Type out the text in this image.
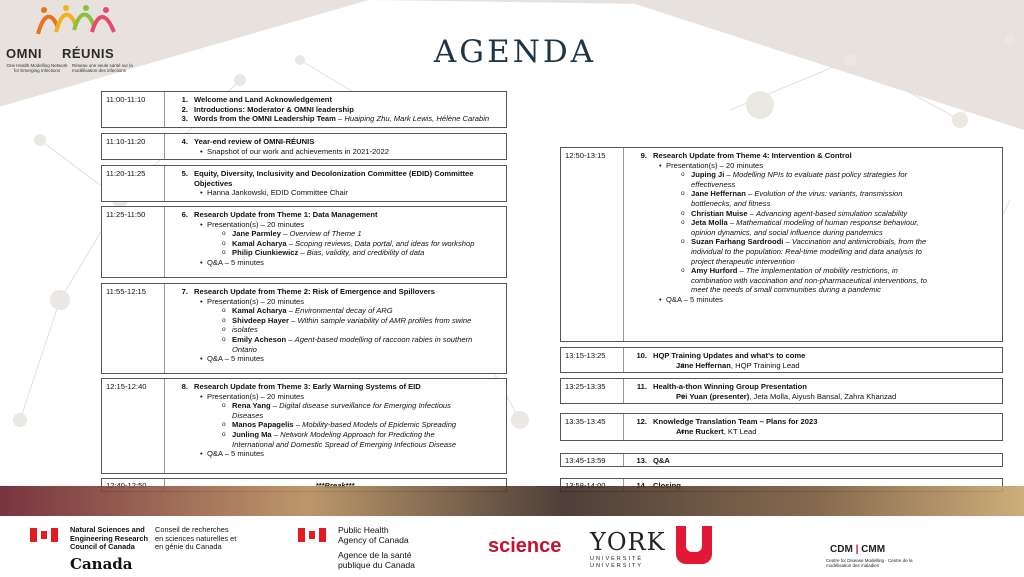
OMNI RÉUNIS
One Health Modelling Network for Emerging Infections
Réseau une seule santé sur la modélisation des infections
AGENDA
11:00-11:10	1. Welcome and Land Acknowledgement
2. Introductions: Moderator & OMNI leadership
3. Words from the OMNI Leadership Team – Huaiping Zhu, Mark Lewis, Hélène Carabin
11:10-11:20	4. Year-end review of OMNI-RÉUNIS
• Snapshot of our work and achievements in 2021-2022
11:20-11:25	5. Equity, Diversity, Inclusivity and Decolonization Committee (EDID) Committee
Objectives
• Hanna Jankowski, EDID Committee Chair
11:25-11:50	6. Research Update from Theme 1: Data Management
• Presentation(s) – 20 minutes
o Jane Parmley – Overview of Theme 1
o Kamal Acharya – Scoping reviews, Data portal, and ideas for workshop
o Philip Ciunkiewicz – Bias, validity, and credibility of data
• Q&A – 5 minutes
11:55-12:15	7. Research Update from Theme 2: Risk of Emergence and Spillovers
• Presentation(s) – 20 minutes
o Kamal Acharya – Environmental decay of ARG
o Shivdeep Hayer – Within sample variability of AMR profiles from swine
o isolates
o Emily Acheson – Agent-based modelling of raccoon rabies in southern
Ontario
• Q&A – 5 minutes
12:15-12:40	8. Research Update from Theme 3: Early Warning Systems of EID
• Presentation(s) – 20 minutes
o Rena Yang – Digital disease surveillance for Emerging Infectious
Diseases
o Manos Papagelis – Mobility-based Models of Epidemic Spreading
o Junling Ma – Network Modeling Approach for Predicting the
International and Domestic Spread of Emerging Infectious Disease
• Q&A – 5 minutes
12:50-13:15	9. Research Update from Theme 4: Intervention & Control
• Presentation(s) – 20 minutes
o Juping Ji – Modelling NPIs to evaluate past policy strategies for
effectiveness
o Jane Heffernan – Evolution of the virus: variants, transmission
bottlenecks, and fitness
o Christian Muise – Advancing agent-based simulation scalability
o Jeta Molla – Mathematical modeling of human response behaviour,
opinion dynamics, and social influence during pandemics
o Suzan Farhang Sardroodi – Vaccination and antimicrobials, from the
individual to the population: Real-time modelling and data analysis to
project therapeutic intervention
o Amy Hurford – The implementation of mobility restrictions, in
combination with vaccination and non-pharmaceutical interventions, to
meet the needs of small communities during a pandemic
• Q&A – 5 minutes
13:15-13:25	10. HQP Training Updates and what’s to come
o Jane Heffernan, HQP Training Lead
13:25-13:35	11. Health-a-thon Winning Group Presentation
o Pei Yuan (presenter), Jeta Molla, Aiyush Bansal, Zahra Khanzad
13:35-13:45	12. Knowledge Translation Team – Plans for 2023
o Arne Ruckert, KT Lead
13:45-13:59	13. Q&A
Natural Sciences and
Engineering Research
Council of Canada
Conseil de recherches
en sciences naturelles et
en génie du Canada
Canada
Public Health
Agency of Canada
Agence de la santé
publique du Canada
science YORK
UNIVERSITÉ
UNIVERSITY
CDM | CMM
Centre for Disease Modelling · Centre de la modélisation des maladies
